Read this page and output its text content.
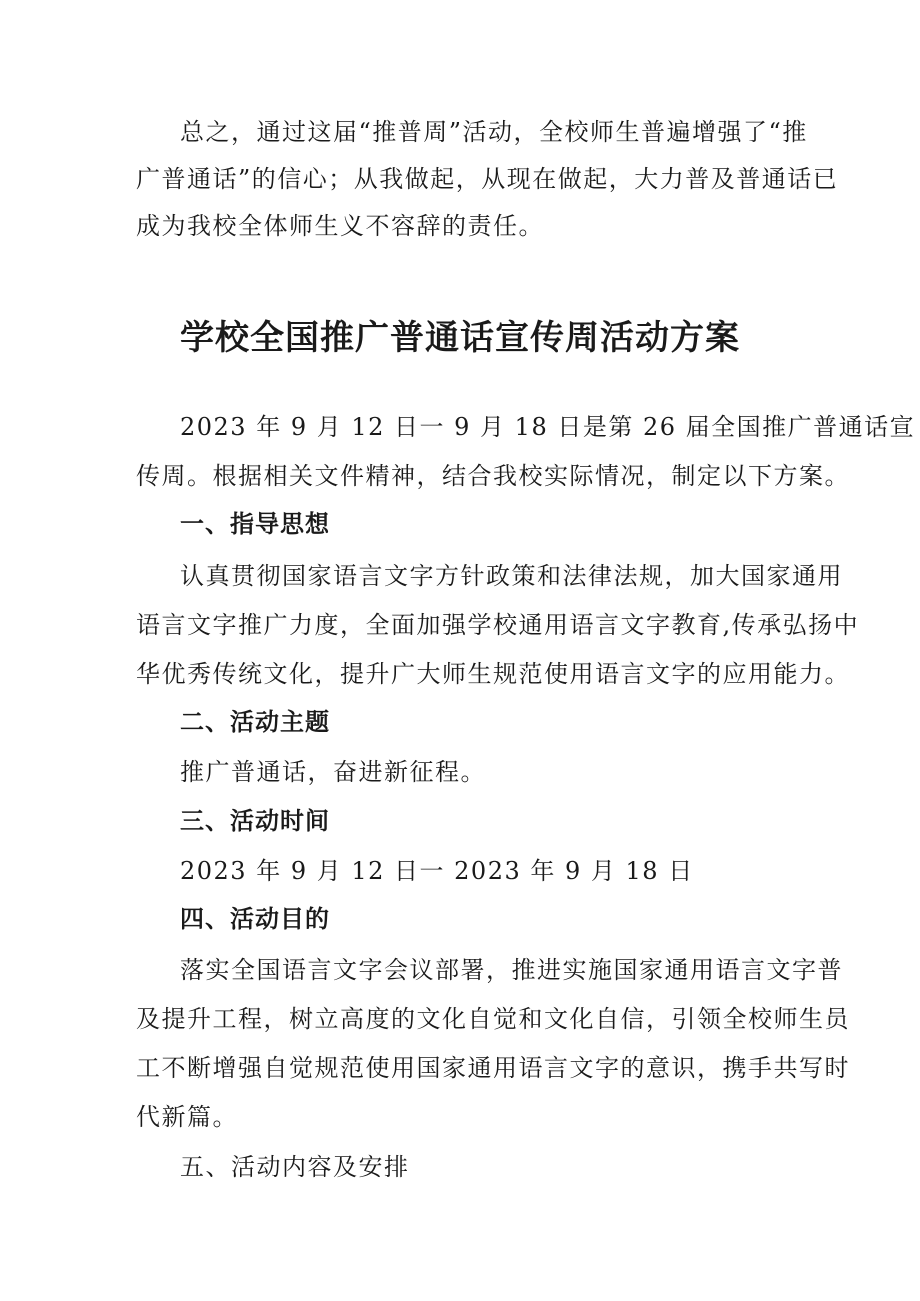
总之，通过这届“推普周”活动，全校师生普遍增强了“推
广普通话”的信心；从我做起，从现在做起，大力普及普通话已
成为我校全体师生义不容辞的责任。
学校全国推广普通话宣传周活动方案
2023 年 9 月 12 日一 9 月 18 日是第 26 届全国推广普通话宣
传周。根据相关文件精神，结合我校实际情况，制定以下方案。
一、指导思想
认真贯彻国家语言文字方针政策和法律法规，加大国家通用
语言文字推广力度，全面加强学校通用语言文字教育,传承弘扬中
华优秀传统文化，提升广大师生规范使用语言文字的应用能力。
二、活动主题
推广普通话，奋进新征程。
三、活动时间
2023 年 9 月 12 日一 2023 年 9 月 18 日
四、活动目的
落实全国语言文字会议部署，推进实施国家通用语言文字普
及提升工程，树立高度的文化自觉和文化自信，引领全校师生员
工不断增强自觉规范使用国家通用语言文字的意识，携手共写时
代新篇。
五、活动内容及安排
